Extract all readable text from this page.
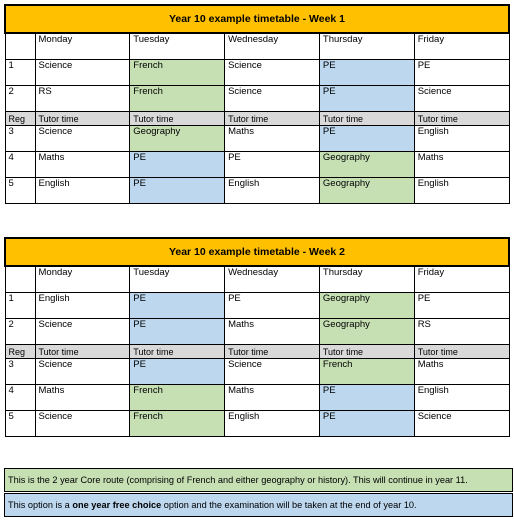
Year 10 example timetable - Week 1					
	Monday	Tuesday	Wednesday	Thursday	Friday
1	Science	French	Science	PE	PE
2	RS	French	Science	PE	Science
Reg	Tutor time	Tutor time	Tutor time	Tutor time	Tutor time
3	Science	Geography	Maths	PE	English
4	Maths	PE	PE	Geography	Maths
5	English	PE	English	Geography	English
Year 10 example timetable - Week 2					
	Monday	Tuesday	Wednesday	Thursday	Friday
1	English	PE	PE	Geography	PE
2	Science	PE	Maths	Geography	RS
Reg	Tutor time	Tutor time	Tutor time	Tutor time	Tutor time
3	Science	PE	Science	French	Maths
4	Maths	French	Maths	PE	English
5	Science	French	English	PE	Science
This is the 2 year Core route (comprising of French and either geography or history). This will continue in year 11.
This option is a one year free choice option and the examination will be taken at the end of year 10.
